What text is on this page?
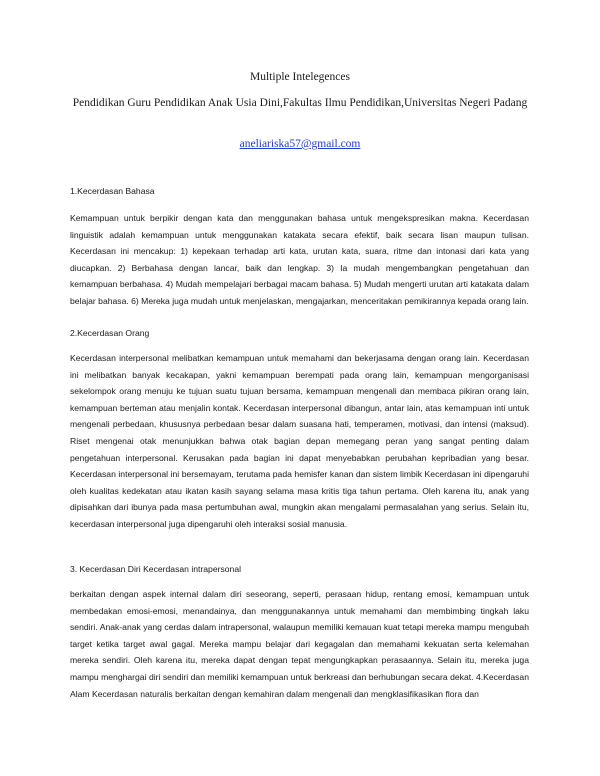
Multiple Intelegences
Pendidikan Guru Pendidikan Anak Usia Dini,Fakultas Ilmu Pendidikan,Universitas Negeri Padang
aneliariska57@gmail.com
1.Kecerdasan Bahasa

Kemampuan untuk berpikir dengan kata dan menggunakan bahasa untuk mengekspresikan makna. Kecerdasan linguistik adalah kemampuan untuk menggunakan katakata secara efektif, baik secara lisan maupun tulisan. Kecerdasan ini mencakup: 1) kepekaan terhadap arti kata, urutan kata, suara, ritme dan intonasi dari kata yang diucapkan. 2) Berbahasa dengan lancar, baik dan lengkap. 3) Ia mudah mengembangkan pengetahuan dan kemampuan berbahasa. 4) Mudah mempelajari berbagai macam bahasa. 5) Mudah mengerti urutan arti katakata dalam belajar bahasa. 6) Mereka juga mudah untuk menjelaskan, mengajarkan, menceritakan pemikirannya kepada orang lain.

2.Kecerdasan Orang

Kecerdasan interpersonal melibatkan kemampuan untuk memahami dan bekerjasama dengan orang lain. Kecerdasan ini melibatkan banyak kecakapan, yakni kemampuan berempati pada orang lain, kemampuan mengorganisasi sekelompok orang menuju ke tujuan suatu tujuan bersama, kemampuan mengenali dan membaca pikiran orang lain, kemampuan berteman atau menjalin kontak. Kecerdasan interpersonal dibangun, antar lain, atas kemampuan inti untuk mengenali perbedaan, khususnya perbedaan besar dalam suasana hati, temperamen, motivasi, dan intensi (maksud). Riset mengenai otak menunjukkan bahwa otak bagian depan memegang peran yang sangat penting dalam pengetahuan interpersonal. Kerusakan pada bagian ini dapat menyebabkan perubahan kepribadian yang besar. Kecerdasan interpersonal ini bersemayam, terutama pada hemisfer kanan dan sistem limbik Kecerdasan ini dipengaruhi oleh kualitas kedekatan atau ikatan kasih sayang selama masa kritis tiga tahun pertama. Oleh karena itu, anak yang dipisahkan dari ibunya pada masa pertumbuhan awal, mungkin akan mengalami permasalahan yang serius. Selain itu, kecerdasan interpersonal juga dipengaruhi oleh interaksi sosial manusia.

3. Kecerdasan Diri Kecerdasan intrapersonal

berkaitan dengan aspek internal dalam diri seseorang, seperti, perasaan hidup, rentang emosi, kemampuan untuk membedakan emosi-emosi, menandainya, dan menggunakannya untuk memahami dan membimbing tingkah laku sendiri. Anak-anak yang cerdas dalam intrapersonal, walaupun memiliki kemauan kuat tetapi mereka mampu mengubah target ketika target awal gagal. Mereka mampu belajar dari kegagalan dan memahami kekuatan serta kelemahan mereka sendiri. Oleh karena itu, mereka dapat dengan tepat mengungkapkan perasaannya. Selain itu, mereka juga mampu menghargai diri sendiri dan memiliki kemampuan untuk berkreasi dan berhubungan secara dekat. 4.Kecerdasan Alam Kecerdasan naturalis berkaitan dengan kemahiran dalam mengenali dan mengklasifikasikan flora dan
